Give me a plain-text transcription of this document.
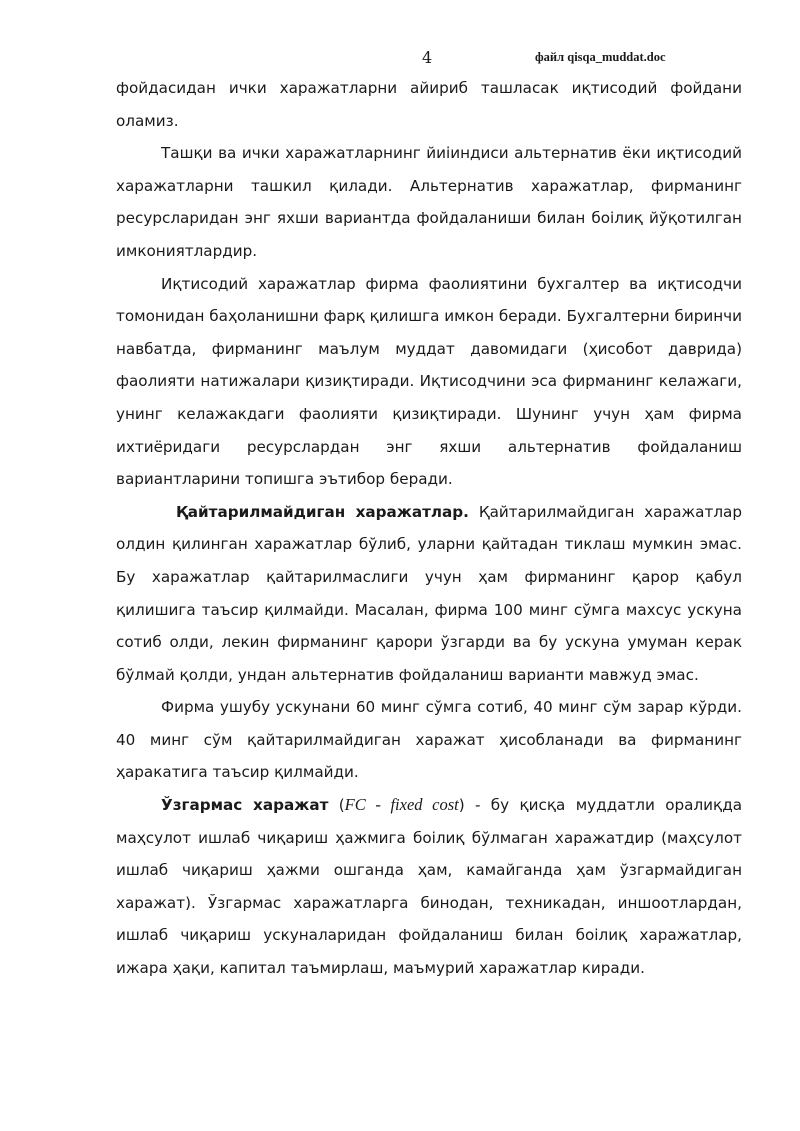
4	файл qisqa_muddat.doc

фойдасидан ички харажатларни айириб ташласак иқтисодий фойдани оламиз.

Ташқи ва ички харажатларнинг йиіиндиси альтернатив ёки иқтисодий харажатларни ташкил қилади. Альтернатив харажатлар, фирманинг ресурсларидан энг яхши вариантда фойдаланиши билан боілиқ йўқотилган имкониятлардир.

Иқтисодий харажатлар фирма фаолиятини бухгалтер ва иқтисодчи томонидан баҳоланишни фарқ қилишга имкон беради. Бухгалтерни биринчи навбатда, фирманинг маълум муддат давомидаги (ҳисобот даврида) фаолияти натижалари қизиқтиради. Иқтисодчини эса фирманинг келажаги, унинг келажакдаги фаолияти қизиқтиради. Шунинг учун ҳам фирма ихтиёридаги ресурслардан энг яхши альтернатив фойдаланиш вариантларини топишга эътибор беради.

Қайтарилмайдиган харажатлар. Қайтарилмайдиган харажатлар олдин қилинган харажатлар бўлиб, уларни қайтадан тиклаш мумкин эмас. Бу харажатлар қайтарилмаслиги учун ҳам фирманинг қарор қабул қилишига таъсир қилмайди. Масалан, фирма 100 минг сўмга махсус ускуна сотиб олди, лекин фирманинг қарори ўзгарди ва бу ускуна умуман керак бўлмай қолди, ундан альтернатив фойдаланиш варианти мавжуд эмас.

Фирма ушубу ускунани 60 минг сўмга сотиб, 40 минг сўм зарар кўрди. 40 минг сўм қайтарилмайдиган харажат ҳисобланади ва фирманинг ҳаракатига таъсир қилмайди.

Ўзгармас харажат (FC - fixed cost) - бу қисқа муддатли оралиқда маҳсулот ишлаб чиқариш ҳажмига боілиқ бўлмаган харажатдир (маҳсулот ишлаб чиқариш ҳажми ошганда ҳам, камайганда ҳам ўзгармайдиган харажат). Ўзгармас харажатларга бинодан, техникадан, иншоотлардан, ишлаб чиқариш ускуналаридан фойдаланиш билан боілиқ харажатлар, ижара ҳақи, капитал таъмирлаш, маъмурий харажатлар киради.
